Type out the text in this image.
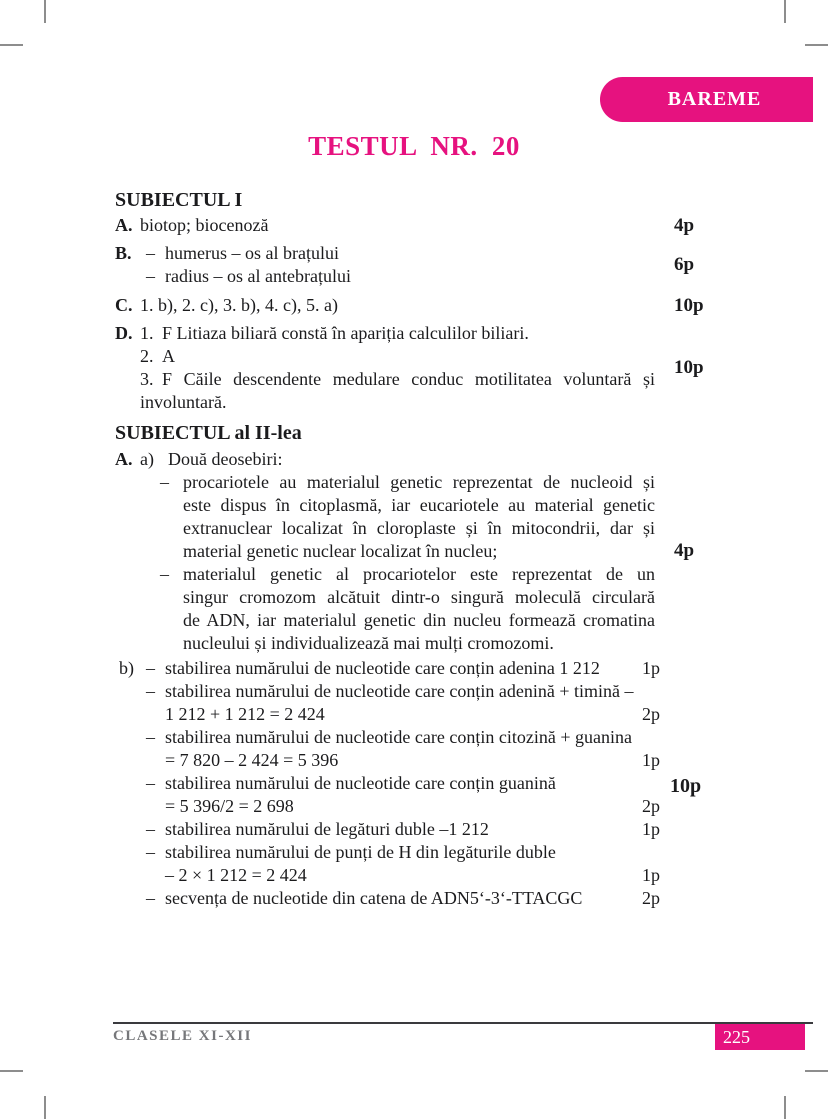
BAREME
TESTUL NR. 20
SUBIECTUL I
A. biotop; biocenoză	4p
B. – humerus – os al brațului
– radius – os al antebrațului
6p
C. 1. b), 2. c), 3. b), 4. c), 5. a)	10p
D. 1. F Litiaza biliară constă în apariția calculilor biliari.
2. A
3. F Căile descendente medulare conduc motilitatea voluntară și
involuntară.
10p
SUBIECTUL al II-lea
A. a) Două deosebiri:
– procariotele au materialul genetic reprezentat de nucleoid și
este dispus în citoplasmă, iar eucariotele au material genetic
extranuclear localizat în cloroplaste și în mitocondrii, dar și
material genetic nuclear localizat în nucleu;
– materialul genetic al procariotelor este reprezentat de un
singur cromozom alcătuit dintr-o singură moleculă circulară
de ADN, iar materialul genetic din nucleu formează cromatina
nucleului și individualizează mai mulți cromozomi.
4p
b) – stabilirea numărului de nucleotide care conțin adenina 1 212 1p
– stabilirea numărului de nucleotide care conțin adenină + timină –
1 212 + 1 212 = 2 424	2p
– stabilirea numărului de nucleotide care conțin citozină + guanina
= 7 820 – 2 424 = 5 396	1p
– stabilirea numărului de nucleotide care conțin guanină
= 5 396/2 = 2 698	2p
– stabilirea numărului de legături duble –1 212	1p
– stabilirea numărului de punți de H din legăturile duble
– 2 × 1 212 = 2 424	1p
– secvența de nucleotide din catena de ADN5‘-3‘-TTACGC	2p
10p
CLASELE XI-XII	225
